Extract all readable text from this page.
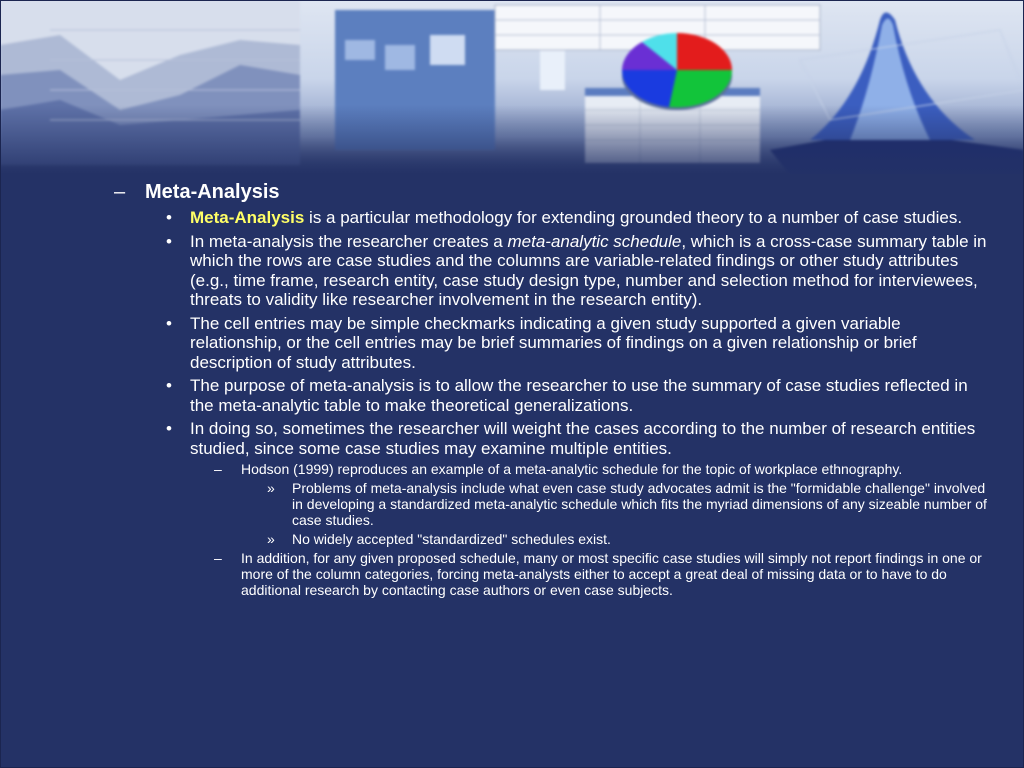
– Meta-Analysis
• Meta-Analysis is a particular methodology for extending grounded theory to a number of case studies.
• In meta-analysis the researcher creates a meta-analytic schedule, which is a cross-case summary table in which the rows are case studies and the columns are variable-related findings or other study attributes (e.g., time frame, research entity, case study design type, number and selection method for interviewees, threats to validity like researcher involvement in the research entity).
• The cell entries may be simple checkmarks indicating a given study supported a given variable relationship, or the cell entries may be brief summaries of findings on a given relationship or brief description of study attributes.
• The purpose of meta-analysis is to allow the researcher to use the summary of case studies reflected in the meta-analytic table to make theoretical generalizations.
• In doing so, sometimes the researcher will weight the cases according to the number of research entities studied, since some case studies may examine multiple entities.
– Hodson (1999) reproduces an example of a meta-analytic schedule for the topic of workplace ethnography.
» Problems of meta-analysis include what even case study advocates admit is the "formidable challenge" involved in developing a standardized meta-analytic schedule which fits the myriad dimensions of any sizeable number of case studies.
» No widely accepted "standardized" schedules exist.
– In addition, for any given proposed schedule, many or most specific case studies will simply not report findings in one or more of the column categories, forcing meta-analysts either to accept a great deal of missing data or to have to do additional research by contacting case authors or even case subjects.
